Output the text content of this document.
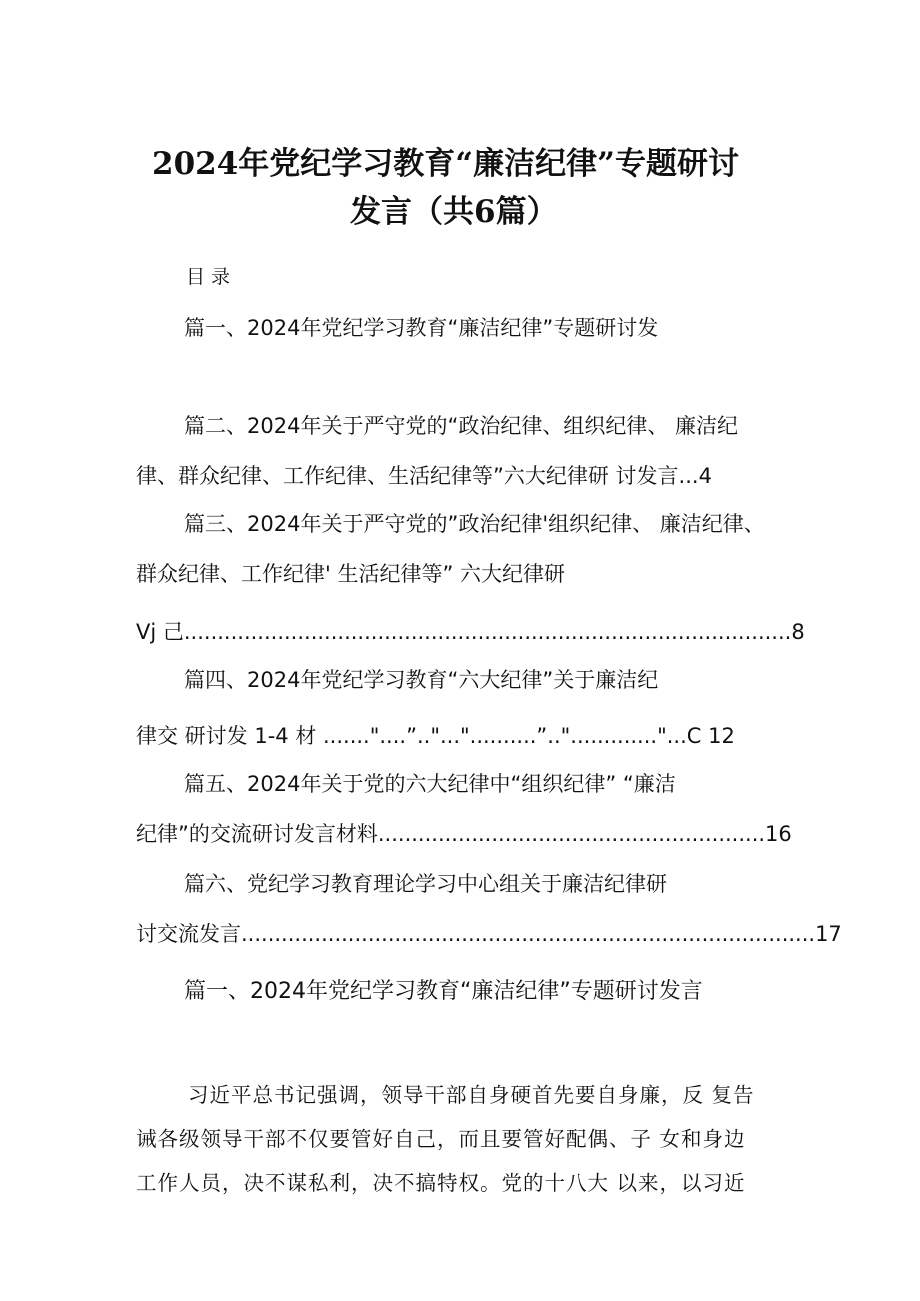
2024年党纪学习教育“廉洁纪律”专题研讨
发言（共6篇）
目录
篇一、2024年党纪学习教育“廉洁纪律”专题研讨发
篇二、2024年关于严守党的“政治纪律、组织纪律、 廉洁纪
律、群众纪律、工作纪律、生活纪律等”六大纪律研 讨发言...4
篇三、2024年关于严守党的”政治纪律'组织纪律、 廉洁纪律、
群众纪律、工作纪律' 生活纪律等” 六大纪律研
Vj 己...........................................................................................8
篇四、2024年党纪学习教育“六大纪律”关于廉洁纪
律交 研讨发 1-4 材 ......."....”.."..."..........”.."............."...C 12
篇五、2024年关于党的六大纪律中“组织纪律” “廉洁
纪律”的交流研讨发言材料..........................................................16
篇六、党纪学习教育理论学习中心组关于廉洁纪律研
讨交流发言......................................................................................17
篇一、2024年党纪学习教育“廉洁纪律”专题研讨发言
习近平总书记强调，领导干部自身硬首先要自身廉，反 复告
诫各级领导干部不仅要管好自己，而且要管好配偶、子 女和身边
工作人员，决不谋私利，决不搞特权。党的十八大 以来，以习近
